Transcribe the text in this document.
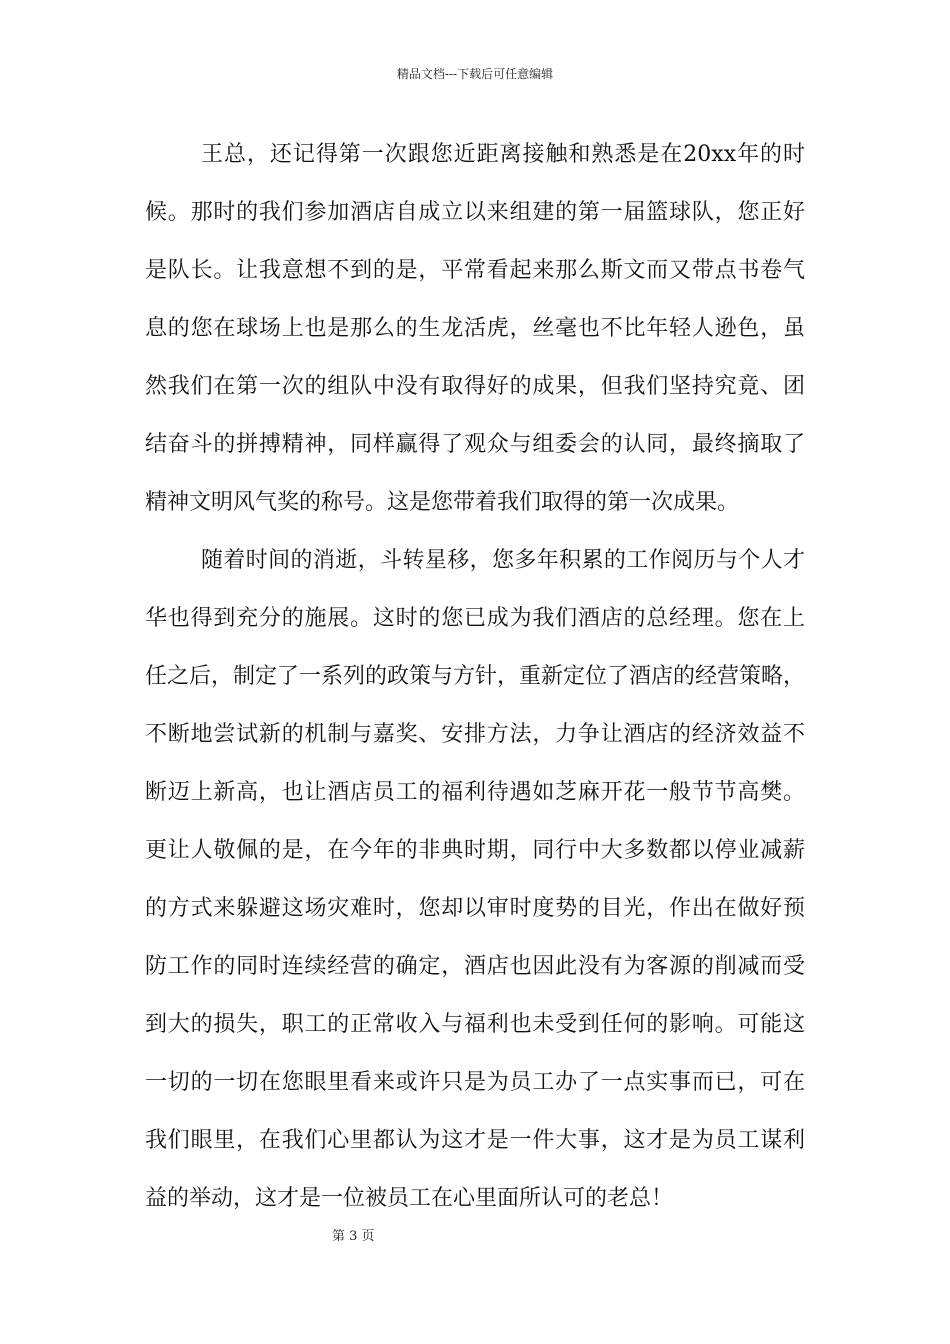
精品文档---下载后可任意编辑
王总，还记得第一次跟您近距离接触和熟悉是在20xx年的时
候。那时的我们参加酒店自成立以来组建的第一届篮球队，您正好
是队长。让我意想不到的是，平常看起来那么斯文而又带点书卷气
息的您在球场上也是那么的生龙活虎，丝毫也不比年轻人逊色，虽
然我们在第一次的组队中没有取得好的成果，但我们坚持究竟、团
结奋斗的拼搏精神，同样赢得了观众与组委会的认同，最终摘取了
精神文明风气奖的称号。这是您带着我们取得的第一次成果。
随着时间的消逝，斗转星移，您多年积累的工作阅历与个人才
华也得到充分的施展。这时的您已成为我们酒店的总经理。您在上
任之后，制定了一系列的政策与方针，重新定位了酒店的经营策略，
不断地尝试新的机制与嘉奖、安排方法，力争让酒店的经济效益不
断迈上新高，也让酒店员工的福利待遇如芝麻开花一般节节高樊。
更让人敬佩的是，在今年的非典时期，同行中大多数都以停业减薪
的方式来躲避这场灾难时，您却以审时度势的目光，作出在做好预
防工作的同时连续经营的确定，酒店也因此没有为客源的削减而受
到大的损失，职工的正常收入与福利也未受到任何的影响。可能这
一切的一切在您眼里看来或许只是为员工办了一点实事而已，可在
我们眼里，在我们心里都认为这才是一件大事，这才是为员工谋利
益的举动，这才是一位被员工在心里面所认可的老总！
第 3 页
